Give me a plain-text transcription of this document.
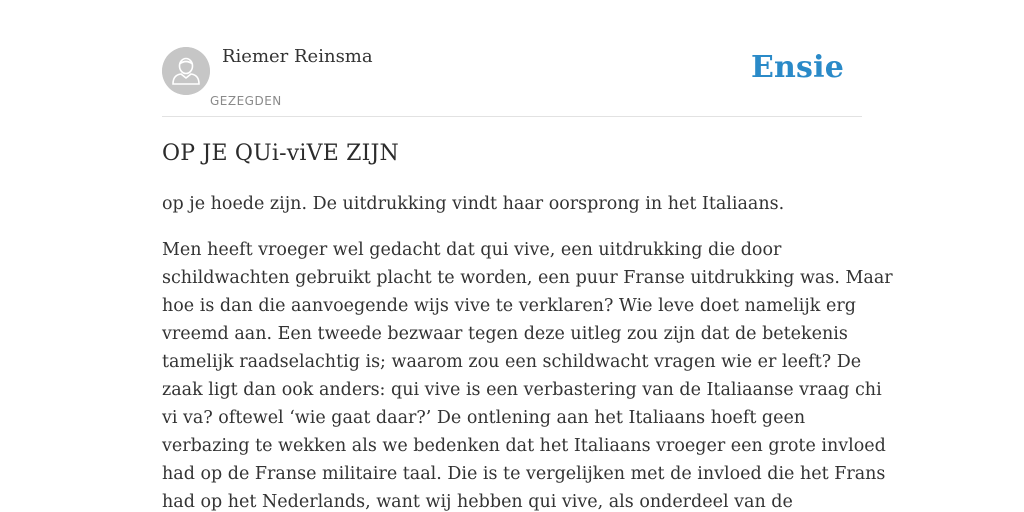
Riemer Reinsma
GEZEGDEN
Ensie
OP JE QUi-viVE ZIJN

op je hoede zijn. De uitdrukking vindt haar oorsprong in het Italiaans.

Men heeft vroeger wel gedacht dat qui vive, een uitdrukking die door
schildwachten gebruikt placht te worden, een puur Franse uitdrukking was. Maar
hoe is dan die aanvoegende wijs vive te verklaren? Wie leve doet namelijk erg
vreemd aan. Een tweede bezwaar tegen deze uitleg zou zijn dat de betekenis
tamelijk raadselachtig is; waarom zou een schildwacht vragen wie er leeft? De
zaak ligt dan ook anders: qui vive is een verbastering van de Italiaanse vraag chi
vi va? oftewel ‘wie gaat daar?’ De ontlening aan het Italiaans hoeft geen
verbazing te wekken als we bedenken dat het Italiaans vroeger een grote invloed
had op de Franse militaire taal. Die is te vergelijken met de invloed die het Frans
had op het Nederlands, want wij hebben qui vive, als onderdeel van de
